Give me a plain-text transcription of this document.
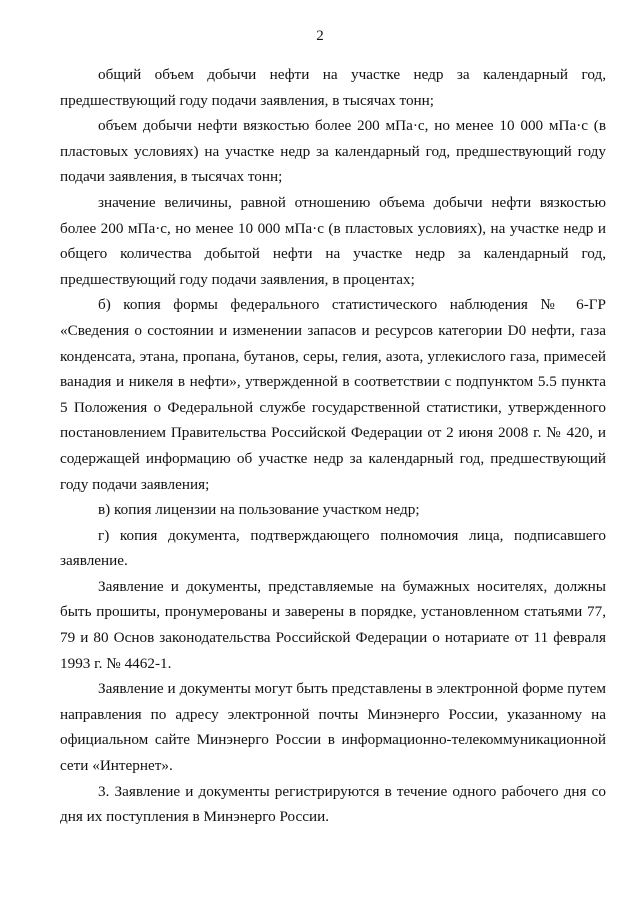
2

общий объем добычи нефти на участке недр за календарный год, предшествующий году подачи заявления, в тысячах тонн;

объем добычи нефти вязкостью более 200 мПа·с, но менее 10 000 мПа·с (в пластовых условиях) на участке недр за календарный год, предшествующий году подачи заявления, в тысячах тонн;

значение величины, равной отношению объема добычи нефти вязкостью более 200 мПа·с, но менее 10 000 мПа·с (в пластовых условиях), на участке недр и общего количества добытой нефти на участке недр за календарный год, предшествующий году подачи заявления, в процентах;

б) копия формы федерального статистического наблюдения № 6-ГР «Сведения о состоянии и изменении запасов и ресурсов категории D0 нефти, газа конденсата, этана, пропана, бутанов, серы, гелия, азота, углекислого газа, примесей ванадия и никеля в нефти», утвержденной в соответствии с подпунктом 5.5 пункта 5 Положения о Федеральной службе государственной статистики, утвержденного постановлением Правительства Российской Федерации от 2 июня 2008 г. № 420, и содержащей информацию об участке недр за календарный год, предшествующий году подачи заявления;

в) копия лицензии на пользование участком недр;

г) копия документа, подтверждающего полномочия лица, подписавшего заявление.

Заявление и документы, представляемые на бумажных носителях, должны быть прошиты, пронумерованы и заверены в порядке, установленном статьями 77, 79 и 80 Основ законодательства Российской Федерации о нотариате от 11 февраля 1993 г. № 4462-1.

Заявление и документы могут быть представлены в электронной форме путем направления по адресу электронной почты Минэнерго России, указанному на официальном сайте Минэнерго России в информационно-телекоммуникационной сети «Интернет».

3. Заявление и документы регистрируются в течение одного рабочего дня со дня их поступления в Минэнерго России.
